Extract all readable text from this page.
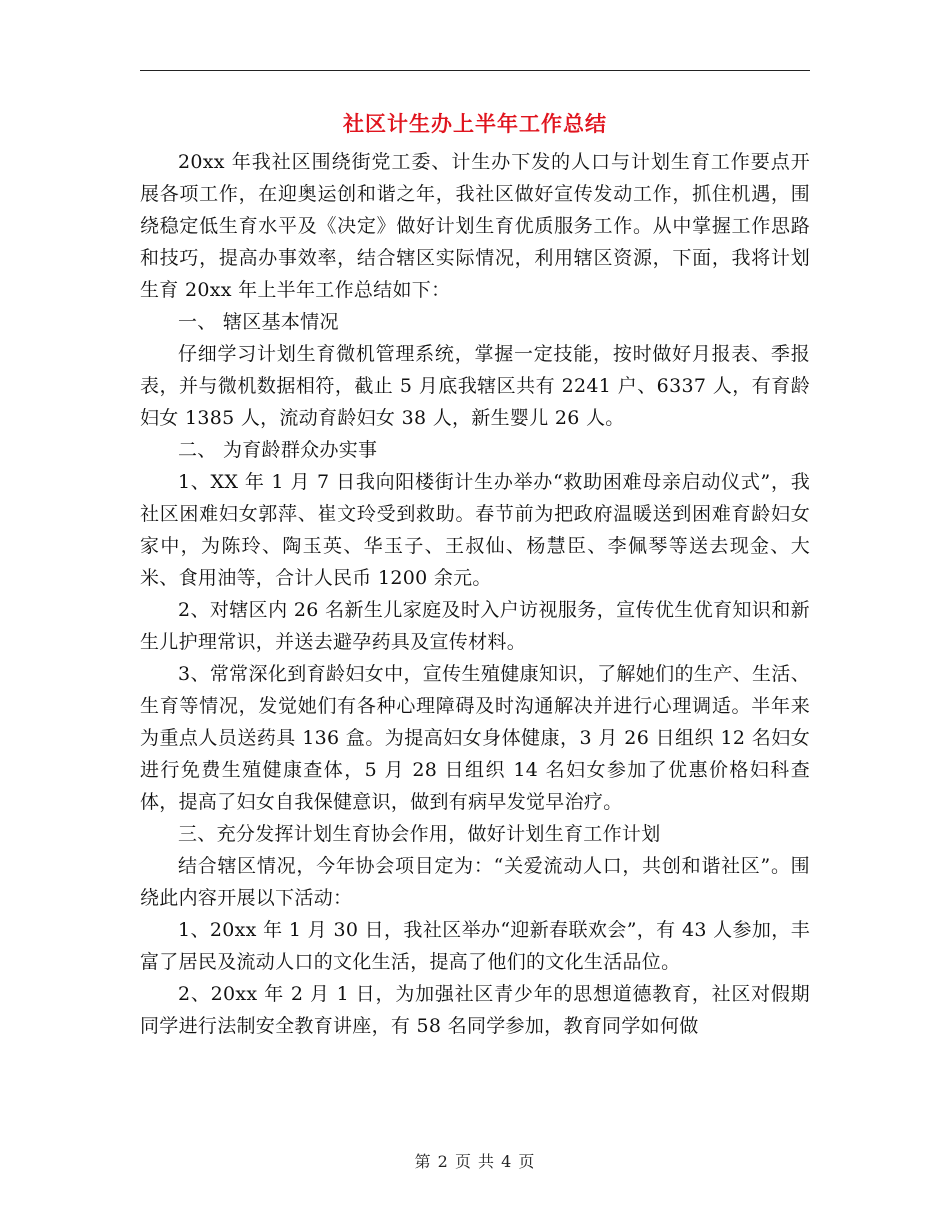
社区计生办上半年工作总结

20xx 年我社区围绕街党工委、计生办下发的人口与计划生育工作要点开展各项工作，在迎奥运创和谐之年，我社区做好宣传发动工作，抓住机遇，围绕稳定低生育水平及《决定》做好计划生育优质服务工作。从中掌握工作思路和技巧，提高办事效率，结合辖区实际情况，利用辖区资源，下面，我将计划生育 20xx 年上半年工作总结如下：

一、 辖区基本情况

仔细学习计划生育微机管理系统，掌握一定技能，按时做好月报表、季报表，并与微机数据相符，截止 5 月底我辖区共有 2241 户、6337 人，有育龄妇女 1385 人，流动育龄妇女 38 人，新生婴儿 26 人。

二、 为育龄群众办实事

1、XX 年 1 月 7 日我向阳楼街计生办举办“救助困难母亲启动仪式”，我社区困难妇女郭萍、崔文玲受到救助。春节前为把政府温暖送到困难育龄妇女家中，为陈玲、陶玉英、华玉子、王叔仙、杨慧臣、李佩琴等送去现金、大米、食用油等，合计人民币 1200 余元。

2、对辖区内 26 名新生儿家庭及时入户访视服务，宣传优生优育知识和新生儿护理常识，并送去避孕药具及宣传材料。

3、常常深化到育龄妇女中，宣传生殖健康知识，了解她们的生产、生活、生育等情况，发觉她们有各种心理障碍及时沟通解决并进行心理调适。半年来为重点人员送药具 136 盒。为提高妇女身体健康，3 月 26 日组织 12 名妇女进行免费生殖健康查体，5 月 28 日组织 14 名妇女参加了优惠价格妇科查体，提高了妇女自我保健意识，做到有病早发觉早治疗。

三、充分发挥计划生育协会作用，做好计划生育工作计划

结合辖区情况，今年协会项目定为：“关爱流动人口，共创和谐社区”。围绕此内容开展以下活动：

1、20xx 年 1 月 30 日，我社区举办“迎新春联欢会”，有 43 人参加，丰富了居民及流动人口的文化生活，提高了他们的文化生活品位。

2、20xx 年 2 月 1 日，为加强社区青少年的思想道德教育，社区对假期同学进行法制安全教育讲座，有 58 名同学参加，教育同学如何做

第 2 页 共 4 页
